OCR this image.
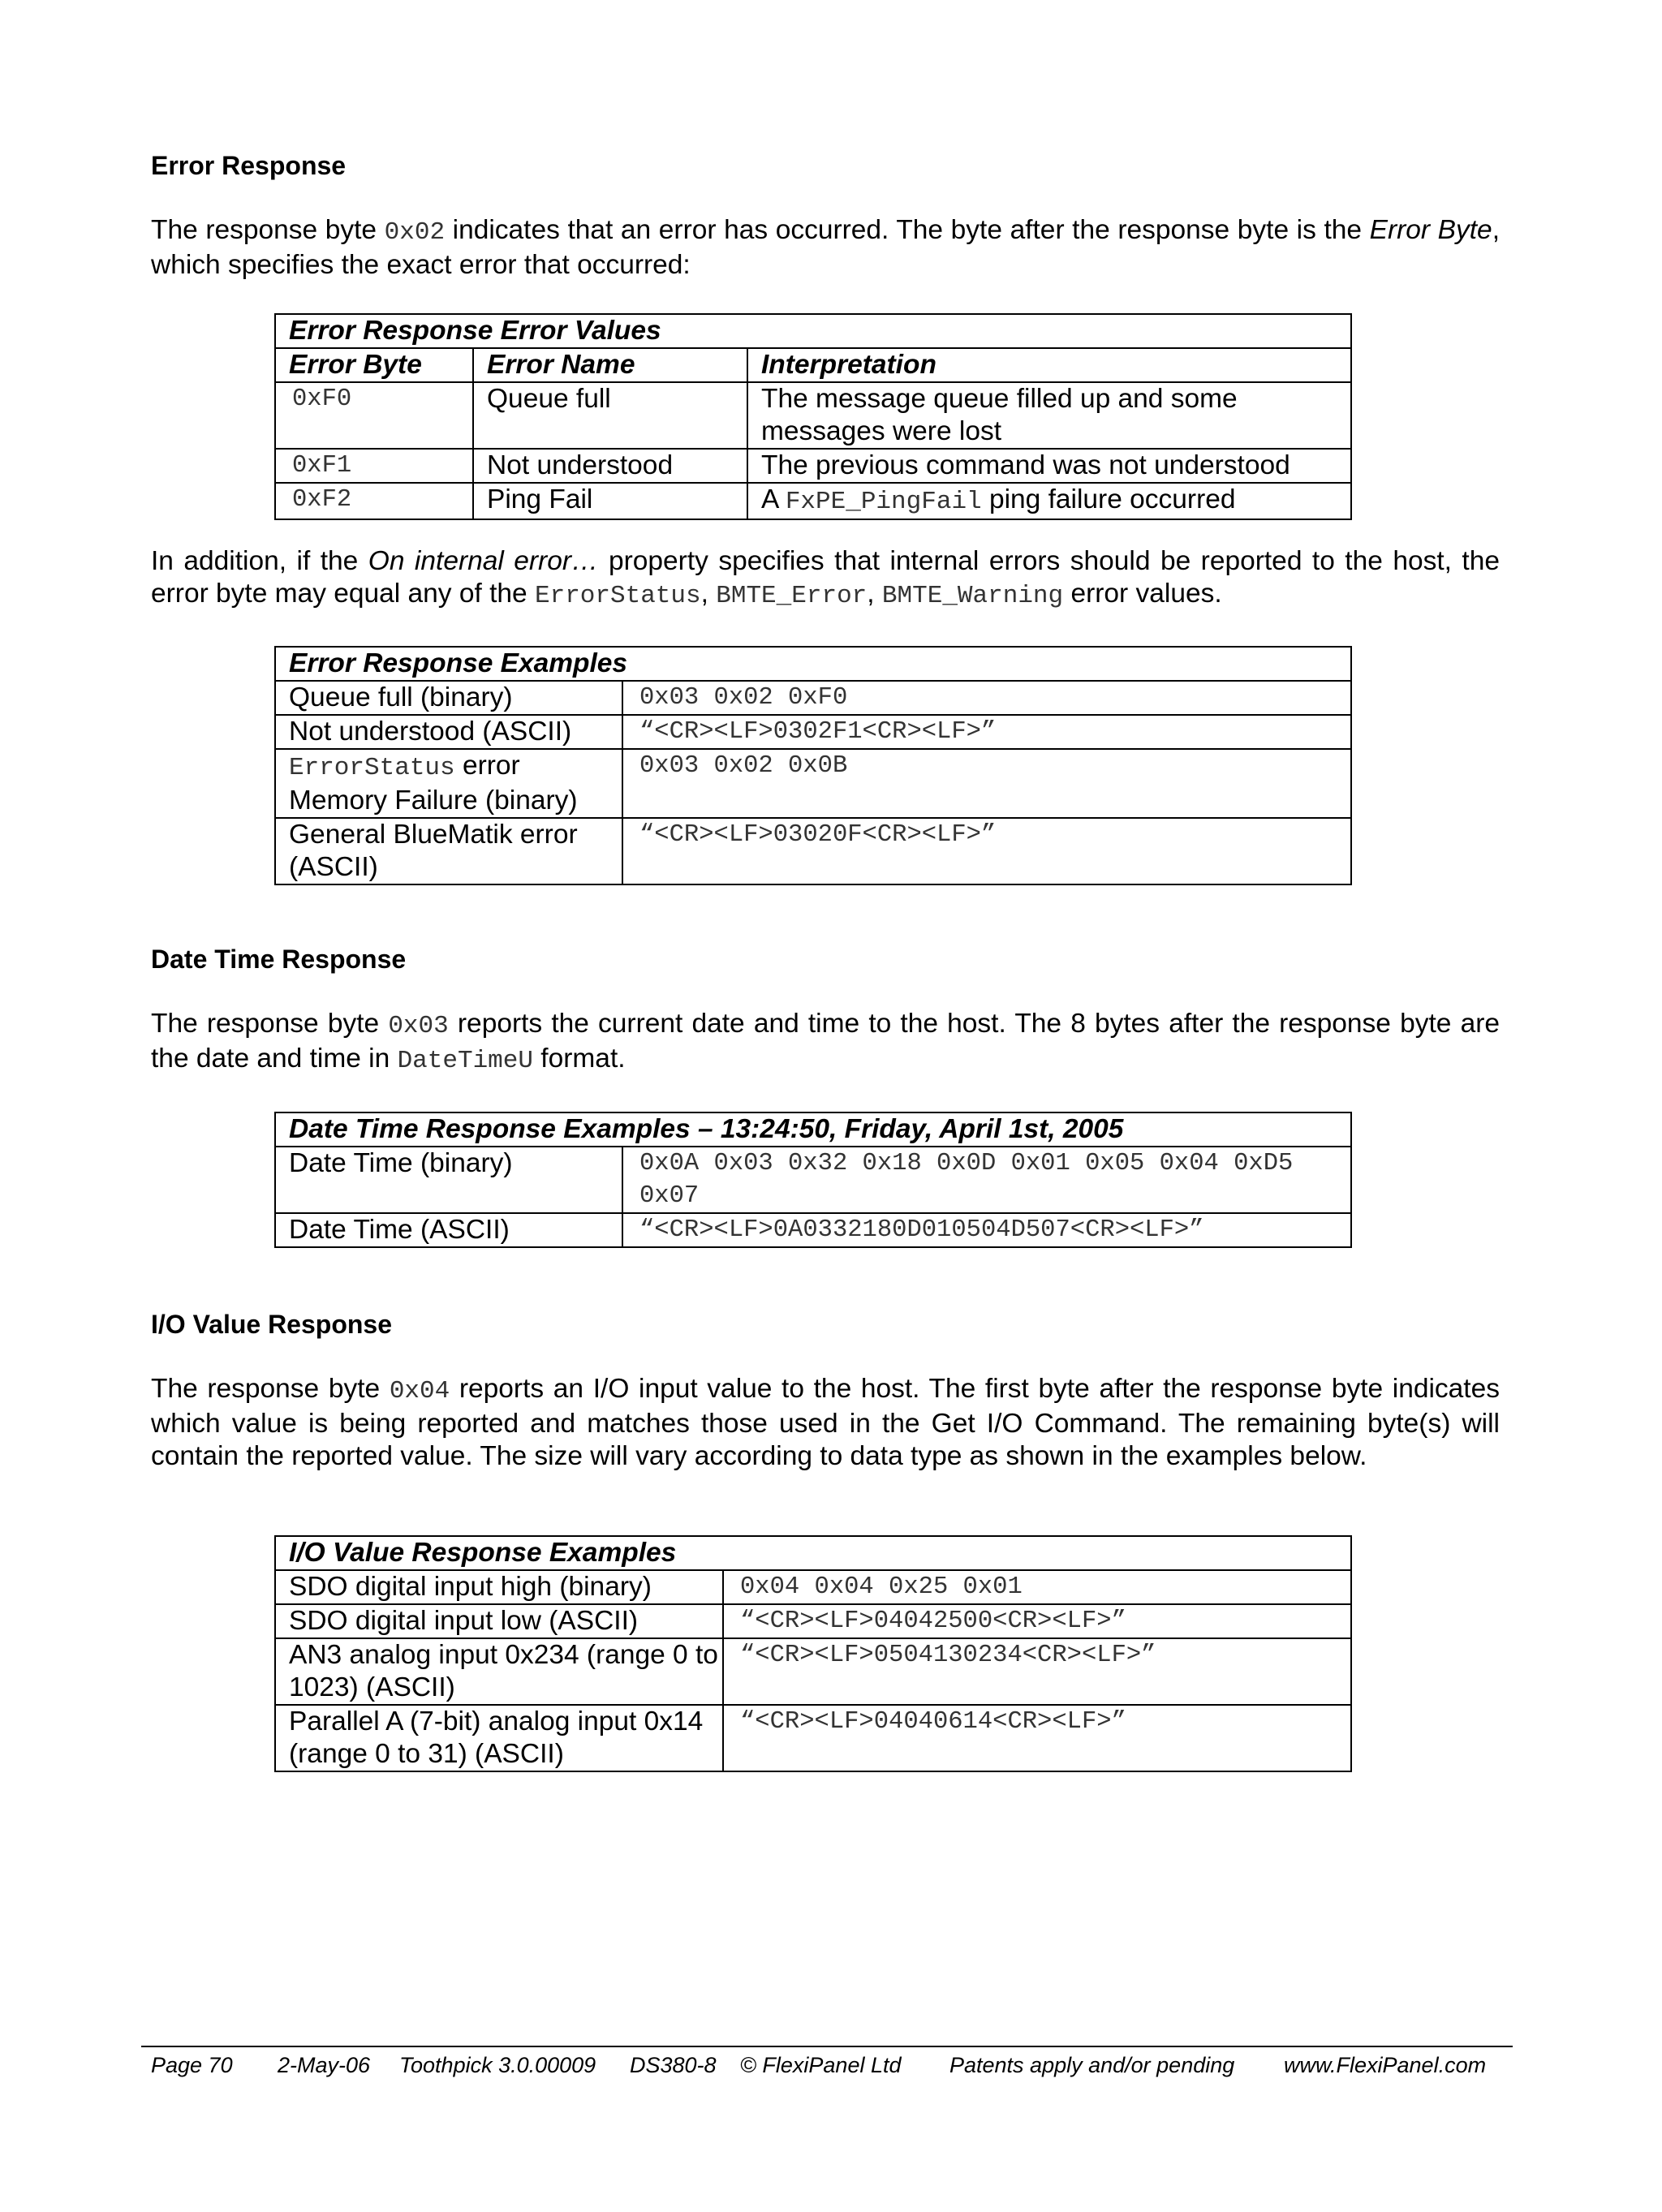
Error Response
The response byte 0x02 indicates that an error has occurred. The byte after the response byte is the Error Byte, which specifies the exact error that occurred:
Error Response Error Values		
Error Byte	Error Name	Interpretation
0xF0	Queue full	The message queue filled up and some messages were lost
0xF1	Not understood	The previous command was not understood
0xF2	Ping Fail	A FxPE_PingFail ping failure occurred
In addition, if the On internal error… property specifies that internal errors should be reported to the host, the error byte may equal any of the ErrorStatus, BMTE_Error, BMTE_Warning error values.
Error Response Examples	
Queue full (binary)	0x03 0x02 0xF0
Not understood (ASCII)	“<CR><LF>0302F1<CR><LF>”
ErrorStatus error Memory Failure (binary)	0x03 0x02 0x0B
General BlueMatik error (ASCII)	“<CR><LF>03020F<CR><LF>”
Date Time Response
The response byte 0x03 reports the current date and time to the host. The 8 bytes after the response byte are the date and time in DateTimeU format.
Date Time Response Examples – 13:24:50, Friday, April 1st, 2005	
Date Time (binary)	0x0A 0x03 0x32 0x18 0x0D 0x01 0x05 0x04 0xD5 0x07
Date Time (ASCII)	“<CR><LF>0A0332180D010504D507<CR><LF>”
I/O Value Response
The response byte 0x04 reports an I/O input value to the host. The first byte after the response byte indicates which value is being reported and matches those used in the Get I/O Command. The remaining byte(s) will contain the reported value. The size will vary according to data type as shown in the examples below.
I/O Value Response Examples	
SDO digital input high (binary)	0x04 0x04 0x25 0x01
SDO digital input low (ASCII)	“<CR><LF>04042500<CR><LF>”
AN3 analog input 0x234 (range 0 to 1023) (ASCII)	“<CR><LF>0504130234<CR><LF>”
Parallel A (7-bit) analog input 0x14 (range 0 to 31) (ASCII)	“<CR><LF>04040614<CR><LF>”
Page 70 2-May-06 Toothpick 3.0.00009 DS380-8 © FlexiPanel Ltd Patents apply and/or pending www.FlexiPanel.com
